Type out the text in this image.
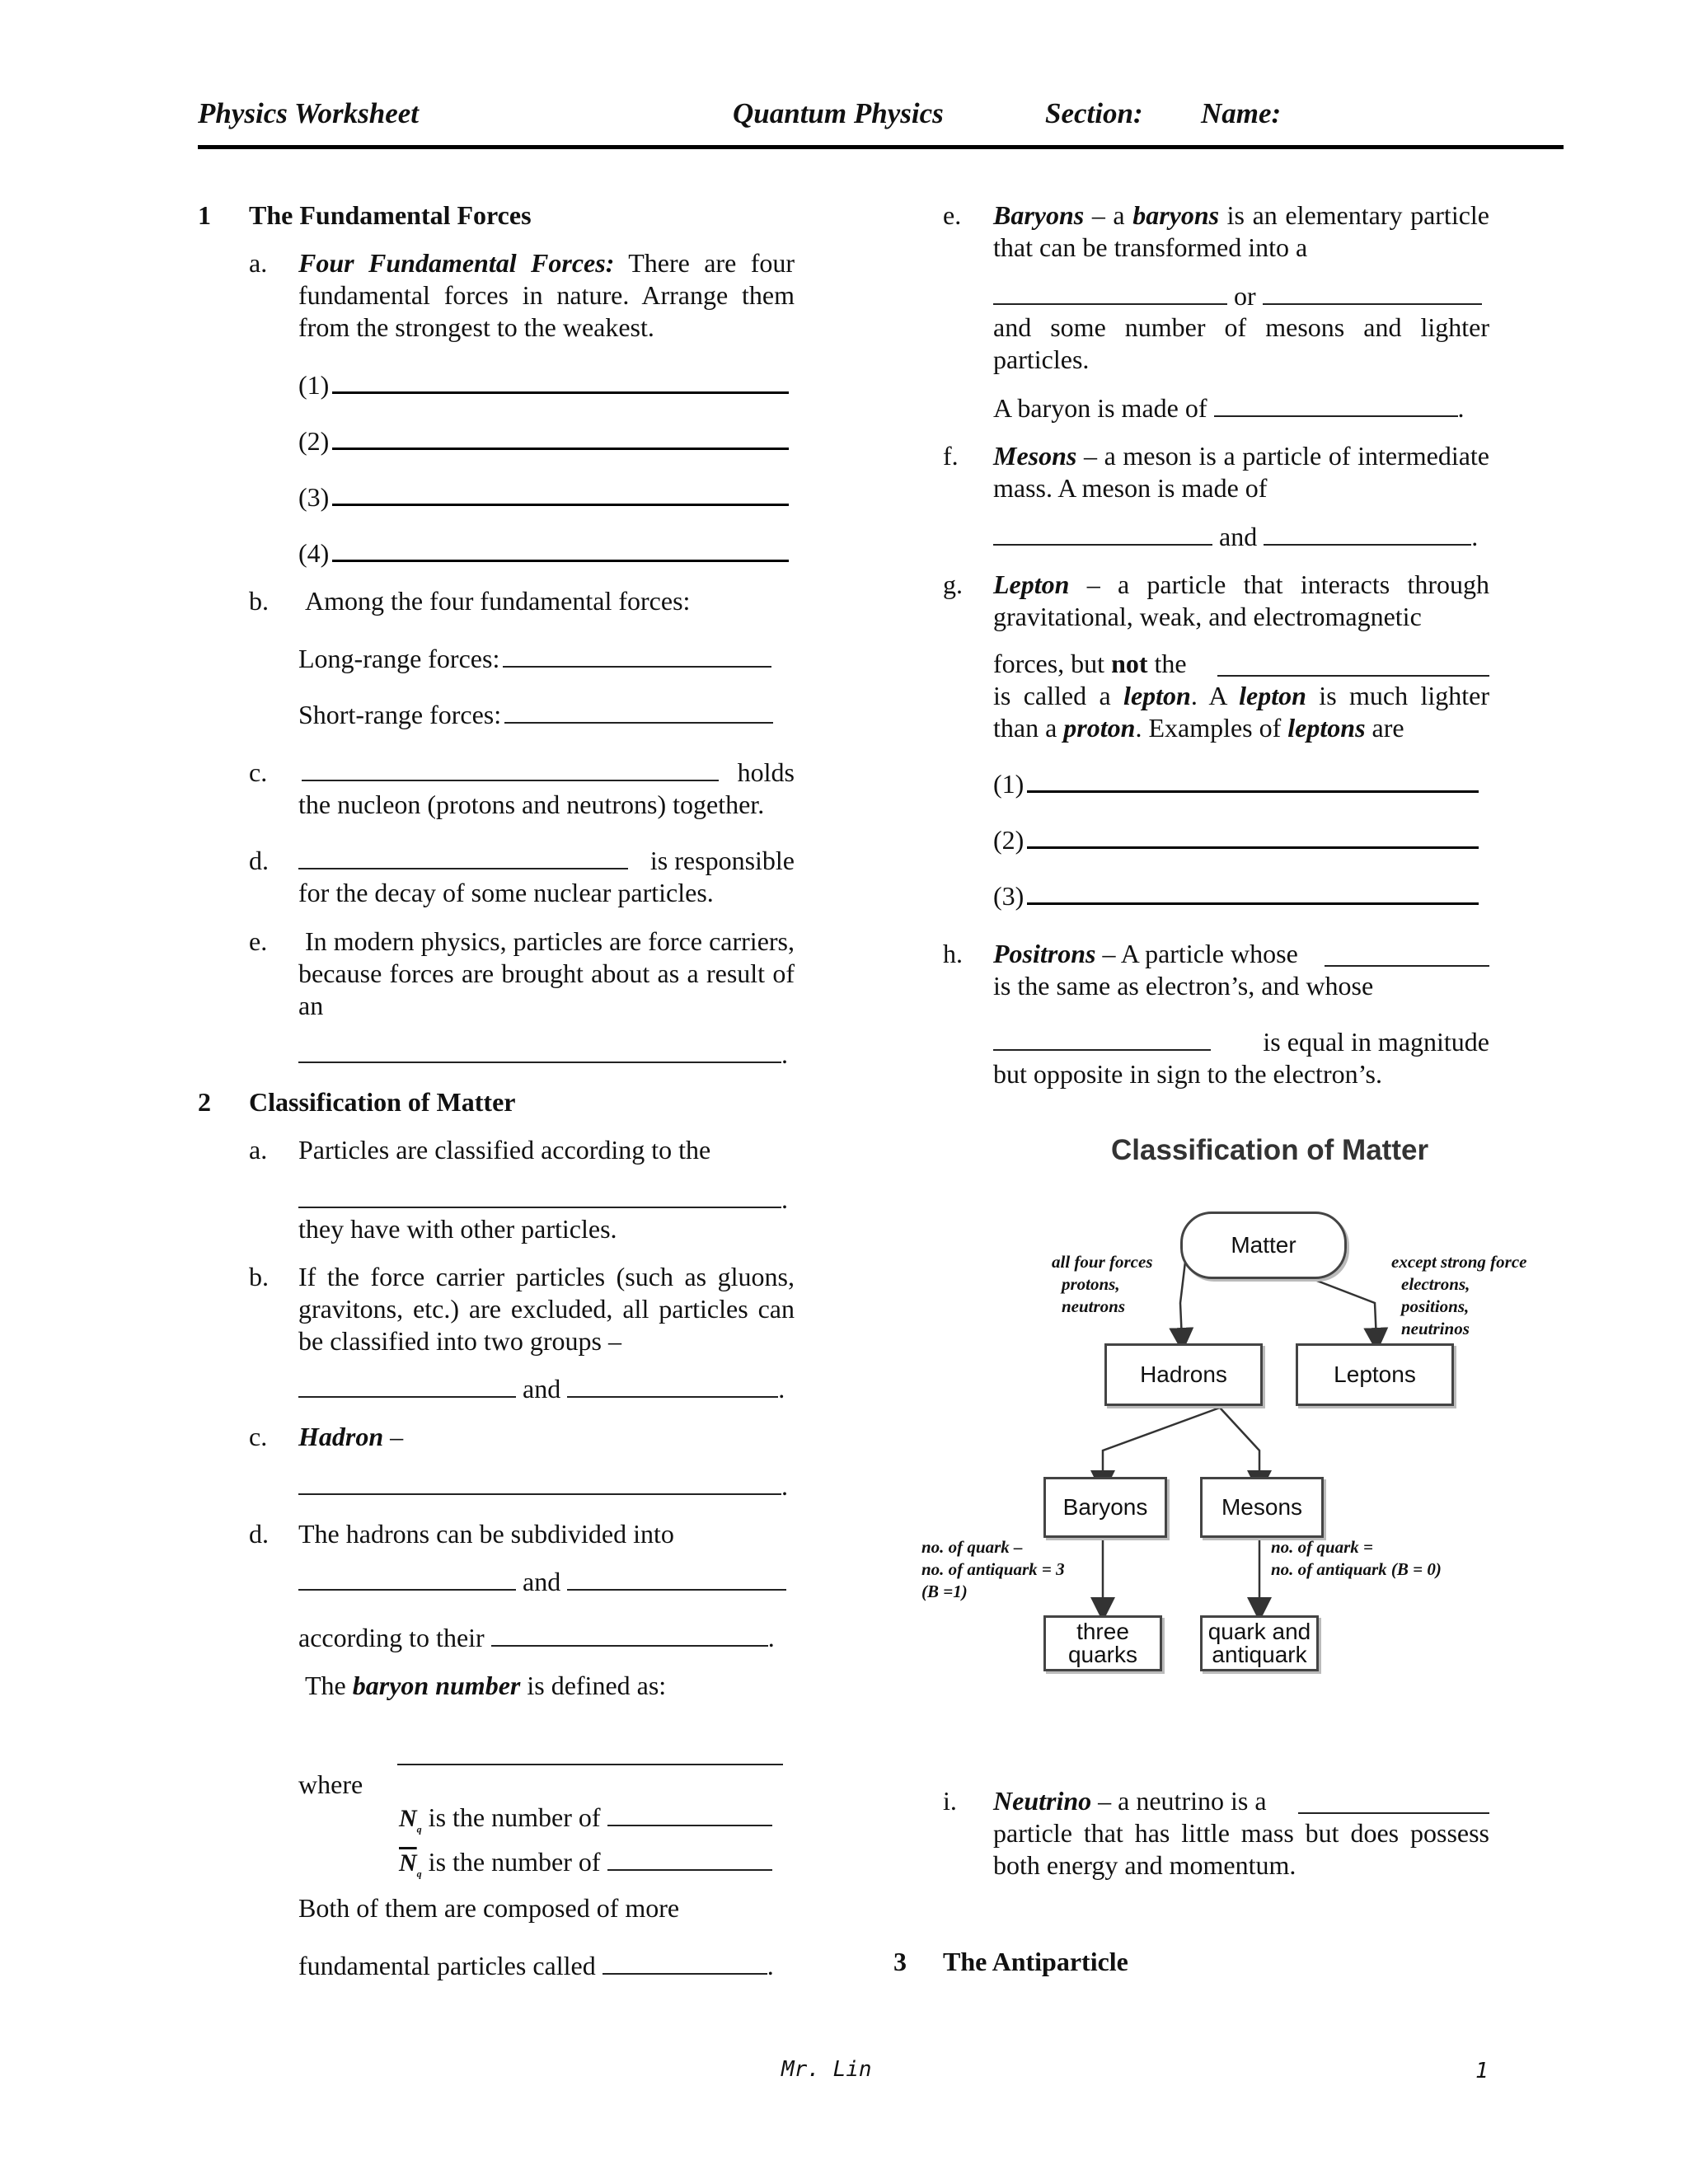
Physics Worksheet	Quantum Physics	Section: Name:
1 The Fundamental Forces
a. Four Fundamental Forces: There are four fundamental forces in nature. Arrange them from the strongest to the weakest.
(1)
(2)
(3)
(4)
b. Among the four fundamental forces:
Long-range forces:
Short-range forces:
c.	holds
the nucleon (protons and neutrons) together.
d.	is responsible
for the decay of some nuclear particles.
e. In modern physics, particles are force carriers, because forces are brought about as a result of an
.
2 Classification of Matter
a. Particles are classified according to the
.
they have with other particles.
b. If the force carrier particles (such as gluons, gravitons, etc.) are excluded, all particles can be classified into two groups –
and	.
c. Hadron –
.
d. The hadrons can be subdivided into
and
according to their	.
The baryon number is defined as:
where
$N_q$ is the number of
$\overline{N}_q$ is the number of
Both of them are composed of more
fundamental particles called	.
e. Baryons – a baryons is an elementary particle that can be transformed into a
or
and some number of mesons and lighter particles.
A baryon is made of	.
f. Mesons – a meson is a particle of intermediate mass. A meson is made of
and	.
g. Lepton – a particle that interacts through gravitational, weak, and electromagnetic
forces, but not the
is called a lepton. A lepton is much lighter than a proton. Examples of leptons are
(1)
(2)
(3)
h. Positrons – A particle whose
is the same as electron’s, and whose
is equal in magnitude
but opposite in sign to the electron’s.
Classification of Matter
Matter
Hadrons	Leptons
Baryons	Mesons
three quarks
quark and antiquark
all four forces
protons,
neutrons
except strong force
electrons,
positions,
neutrinos
no. of quark –
no. of antiquark = 3
(B =1)
no. of quark =
no. of antiquark (B = 0)
i. Neutrino – a neutrino is a
particle that has little mass but does possess both energy and momentum.
3 The Antiparticle
Mr. Lin	1
